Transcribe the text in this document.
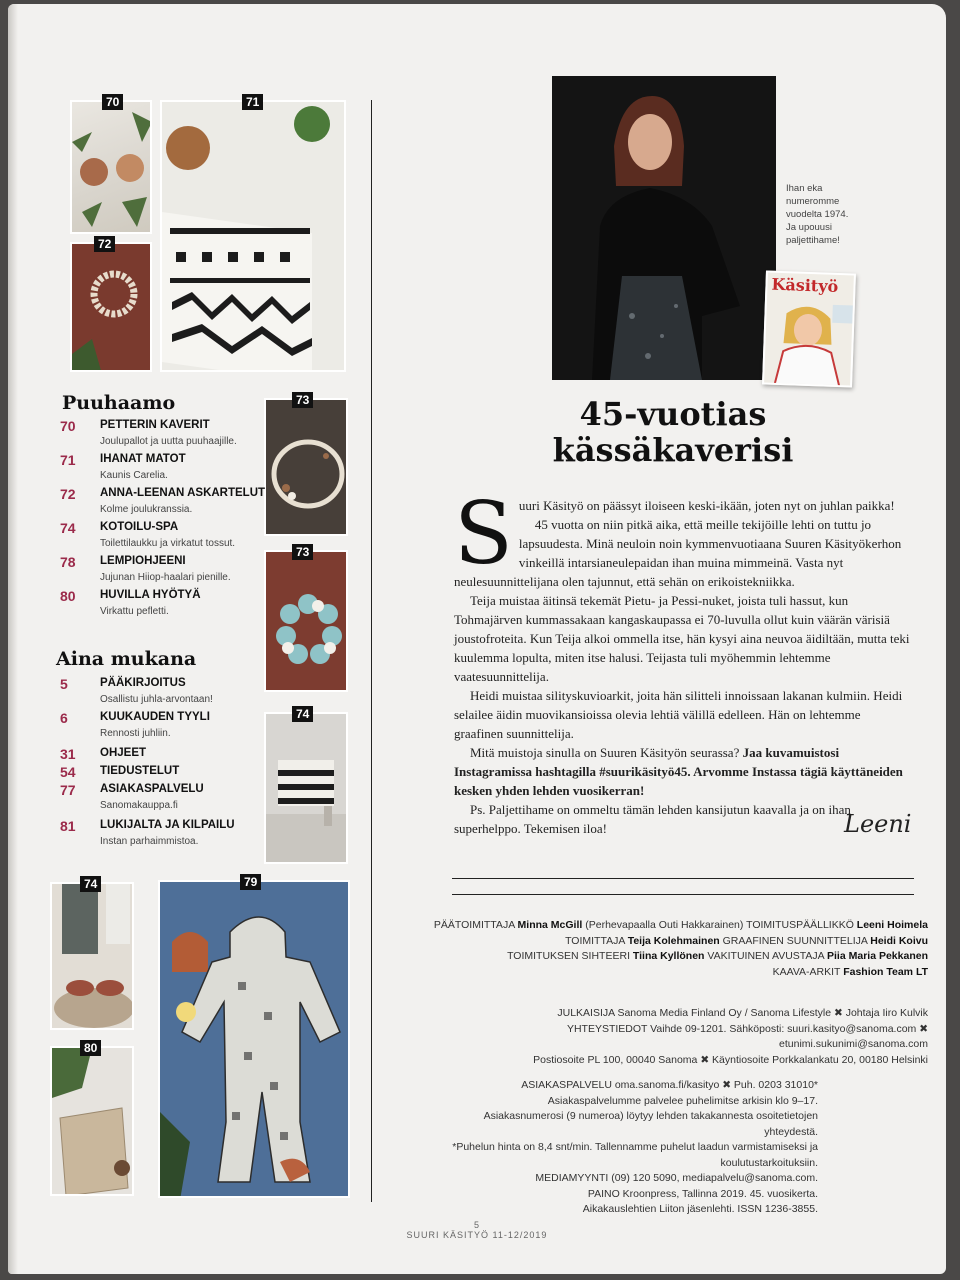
70	71
72
73
73
74
74	79
80
Puuhaamo
70 PETTERIN KAVERIT
Joulupallot ja uutta puuhaajille.
71 IHANAT MATOT
Kaunis Carelia.
72 ANNA-LEENAN ASKARTELUT
Kolme joulukranssia.
74 KOTOILU-SPA
Toilettilaukku ja virkatut tossut.
78 LEMPIOHJEENI
Jujunan Hiiop-haalari pienille.
80 HUVILLA HYÖTYÄ
Virkattu pefletti.
Aina mukana
5	PÄÄKIRJOITUS
Osallistu juhla-arvontaan!
6	KUUKAUDEN TYYLI
Rennosti juhliin.
31 OHJEET
54 TIEDUSTELUT
77 ASIAKASPALVELU
Sanomakauppa.fi
81 LUKIJALTA JA KILPAILU
Instan parhaimmistoa.
Ihan eka numeromme vuodelta 1974. Ja upouusi paljettihame!
Käsityö
45-vuotias
kässäkaverisi

Suuri Käsityö on päässyt iloiseen keski-ikään, joten nyt on juhlan paikka!

45 vuotta on niin pitkä aika, että meille tekijöille lehti on tuttu jo lapsuudesta. Minä neuloin noin kymmenvuotiaana Suuren Käsityökerhon vinkeillä intarsianeulepaidan ihan muina mimmeinä. Vasta nyt neulesuunnittelijana olen tajunnut, että sehän on erikoistekniikka.

Teija muistaa äitinsä tekemät Pietu- ja Pessi-nuket, joista tuli hassut, kun Tohmajärven kummassakaan kangaskaupassa ei 70-luvulla ollut kuin väärän värisiä joustofroteita. Kun Teija alkoi ommella itse, hän kysyi aina neuvoa äidiltään, mutta teki kuulemma lopulta, miten itse halusi. Teijasta tuli myöhemmin lehtemme vaatesuunnittelija.

Heidi muistaa silityskuvioarkit, joita hän silitteli innoissaan lakanan kulmiin. Heidi selailee äidin muovikansioissa olevia lehtiä välillä edelleen. Hän on lehtemme graafinen suunnittelija.

Mitä muistoja sinulla on Suuren Käsityön seurassa? Jaa kuvamuistosi Instagramissa hashtagilla #suurikäsityö45. Arvomme Instassa tägiä käyttäneiden kesken yhden lehden vuosikerran!

Ps. Paljettihame on ommeltu tämän lehden kansijutun kaavalla ja on ihan superhelppo. Tekemisen iloa!	Leeni
PÄÄTOIMITTAJA Minna McGill (Perhevapaalla Outi Hakkarainen) TOIMITUSPÄÄLLIKKÖ Leeni Hoimela
TOIMITTAJA Teija Kolehmainen GRAAFINEN SUUNNITTELIJA Heidi Koivu
TOIMITUKSEN SIHTEERI Tiina Kyllönen VAKITUINEN AVUSTAJA Piia Maria Pekkanen
KAAVA-ARKIT Fashion Team LT
JULKAISIJA Sanoma Media Finland Oy / Sanoma Lifestyle ✖ Johtaja Iiro Kulvik
YHTEYSTIEDOT Vaihde 09-1201. Sähköposti: suuri.kasityo@sanoma.com ✖ etunimi.sukunimi@sanoma.com
Postiosoite PL 100, 00040 Sanoma ✖ Käyntiosoite Porkkalankatu 20, 00180 Helsinki
ASIAKASPALVELU oma.sanoma.fi/kasityo ✖ Puh. 0203 31010*
Asiakaspalvelumme palvelee puhelimitse arkisin klo 9–17.
Asiakasnumerosi (9 numeroa) löytyy lehden takakannesta osoitetietojen yhteydestä.
*Puhelun hinta on 8,4 snt/min. Tallennamme puhelut laadun varmistamiseksi ja koulutustarkoituksiin.
MEDIAMYYNTI (09) 120 5090, mediapalvelu@sanoma.com.
PAINO Kroonpress, Tallinna 2019. 45. vuosikerta.
Aikakauslehtien Liiton jäsenlehti. ISSN 1236-3855.
5
SUURI KÄSITYÖ 11-12/2019
